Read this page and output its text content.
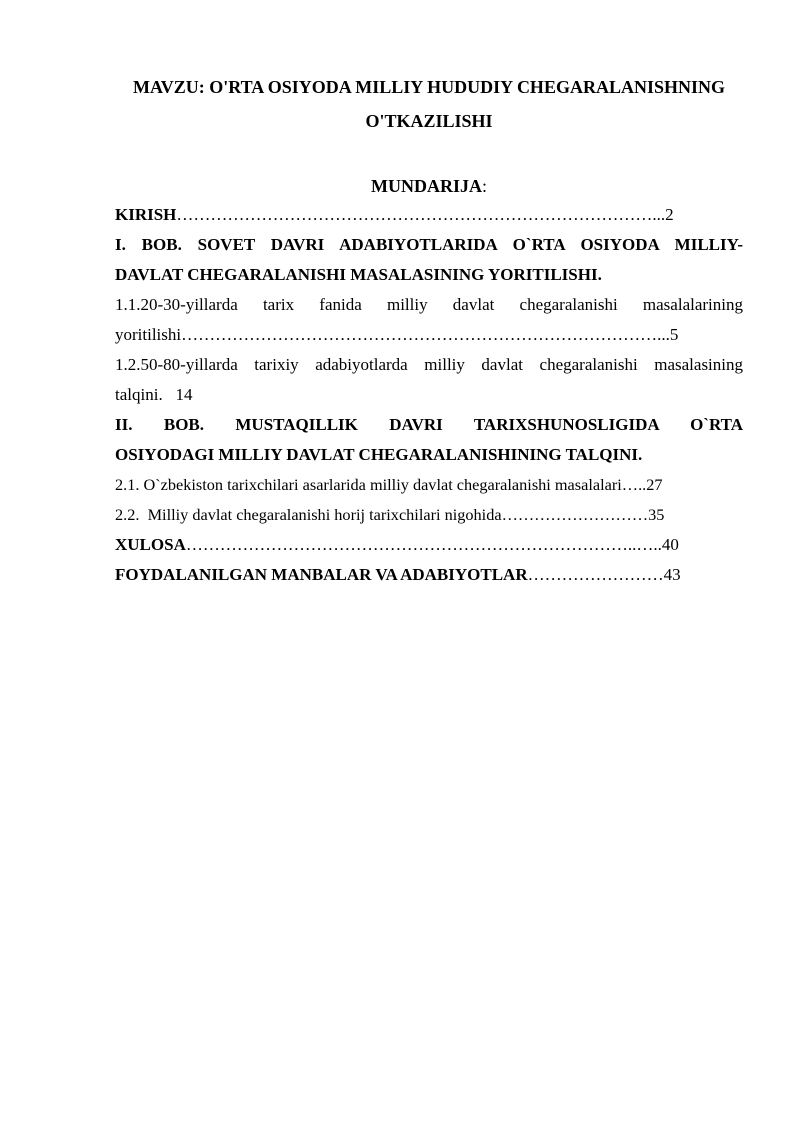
MAVZU: O'RTA OSIYODA MILLIY HUDUDIY CHEGARALANISHNING

O'TKAZILISHI

MUNDARIJA:

KIRISH…………………………………………………………………………...2

I. BOB. SOVET DAVRI ADABIYOTLARIDA O`RTA OSIYODA MILLIY-

DAVLAT CHEGARALANISHI MASALASINING YORITILISHI.

1.1.20-30-yillarda tarix fanida milliy davlat chegaralanishi masalalarining

yoritilishi…………………………………………………………………………...5

1.2.50-80-yillarda tarixiy adabiyotlarda milliy davlat chegaralanishi masalasining

talqini.   14

II. BOB. MUSTAQILLIK DAVRI TARIXSHUNOSLIGIDA O`RTA

OSIYODAGI MILLIY DAVLAT CHEGARALANISHINING TALQINI.

2.1. O`zbekiston tarixchilari asarlarida milliy davlat chegaralanishi masalalari…..27

2.2.  Milliy davlat chegaralanishi horij tarixchilari nigohida………………………35

XULOSA……………………………………………………………………..…..40

FOYDALANILGAN MANBALAR VA ADABIYOTLAR……………………43
